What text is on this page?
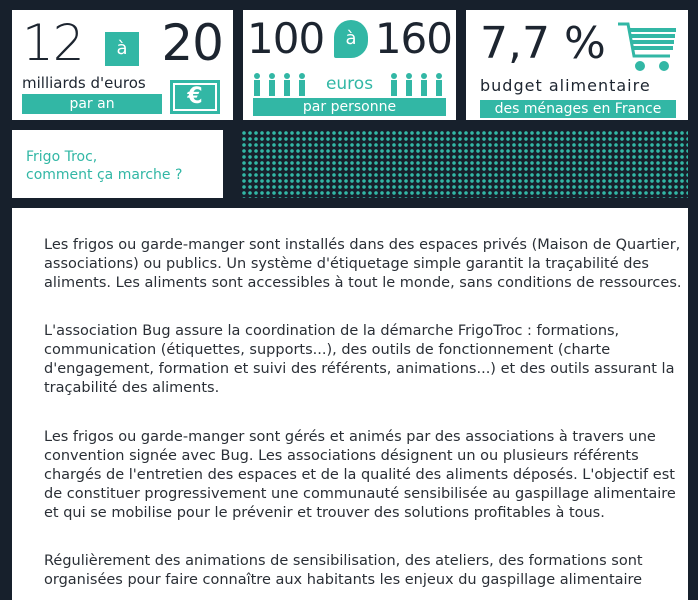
12	à 20
milliards d'euros
par an	€
100	à 160
euros
par personne
7,7 %
budget alimentaire
des ménages en France
Frigo Troc,
comment ça marche ?

Les frigos ou garde-manger sont installés dans des espaces privés (Maison de Quartier, associations) ou publics. Un système d'étiquetage simple garantit la traçabilité des aliments. Les aliments sont accessibles à tout le monde, sans conditions de ressources.

L'association Bug assure la coordination de la démarche FrigoTroc : formations, communication (étiquettes, supports...), des outils de fonctionnement (charte d'engagement, formation et suivi des référents, animations...) et des outils assurant la traçabilité des aliments.

Les frigos ou garde-manger sont gérés et animés par des associations à travers une convention signée avec Bug. Les associations désignent un ou plusieurs référents chargés de l'entretien des espaces et de la qualité des aliments déposés. L'objectif est de constituer progressivement une communauté sensibilisée au gaspillage alimentaire et qui se mobilise pour le prévenir et trouver des solutions profitables à tous.

Régulièrement des animations de sensibilisation, des ateliers, des formations sont organisées pour faire connaître aux habitants les enjeux du gaspillage alimentaire
